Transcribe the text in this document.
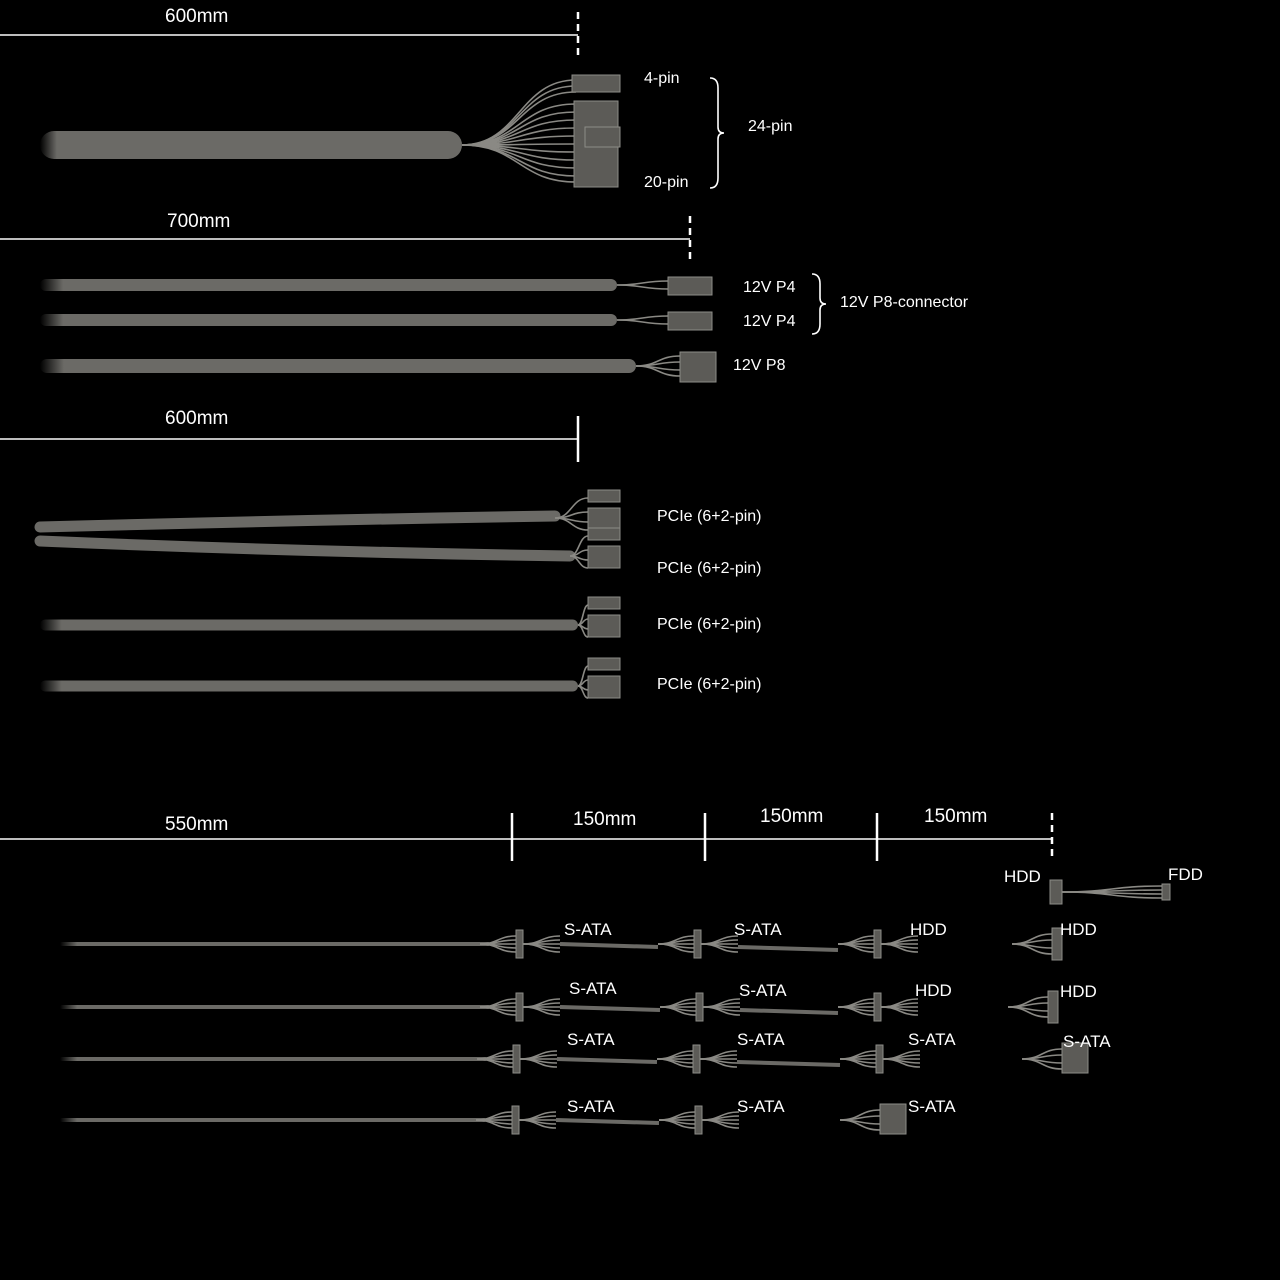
600mm
4-pin
20-pin
24-pin
700mm
12V P4
12V P4
12V P8-connector
12V P8
600mm
PCIe (6+2-pin)
PCIe (6+2-pin)
PCIe (6+2-pin)
PCIe (6+2-pin)
550mm	150mm	150mm	150mm
HDD	FDD
S-ATA	S-ATA	HDD	HDD
S-ATA	S-ATA	HDD	HDD
S-ATA	S-ATA	S-ATA	S-ATA
S-ATA	S-ATA	S-ATA
